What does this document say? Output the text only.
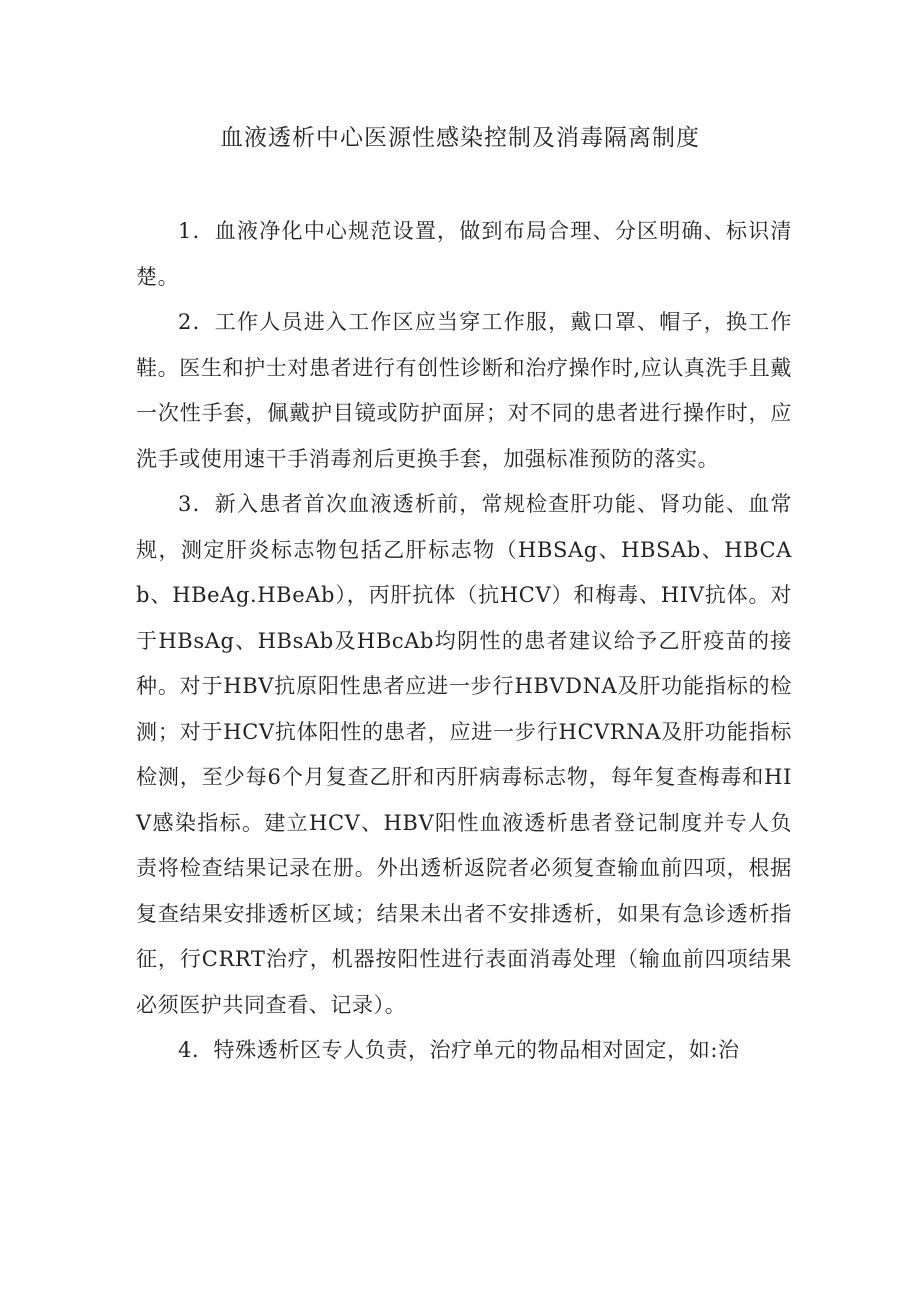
血液透析中心医源性感染控制及消毒隔离制度

1．血液净化中心规范设置，做到布局合理、分区明确、标识清楚。

2．工作人员进入工作区应当穿工作服，戴口罩、帽子，换工作鞋。医生和护士对患者进行有创性诊断和治疗操作时,应认真洗手且戴一次性手套，佩戴护目镜或防护面屏；对不同的患者进行操作时，应洗手或使用速干手消毒剂后更换手套，加强标准预防的落实。

3．新入患者首次血液透析前，常规检查肝功能、肾功能、血常规，测定肝炎标志物包括乙肝标志物（HBSAg、HBSAb、HBCAb、HBeAg.HBeAb），丙肝抗体（抗HCV）和梅毒、HIV抗体。对于HBsAg、HBsAb及HBcAb均阴性的患者建议给予乙肝疫苗的接种。对于HBV抗原阳性患者应进一步行HBVDNA及肝功能指标的检测；对于HCV抗体阳性的患者，应进一步行HCVRNA及肝功能指标检测，至少每6个月复查乙肝和丙肝病毒标志物，每年复查梅毒和HIV感染指标。建立HCV、HBV阳性血液透析患者登记制度并专人负责将检查结果记录在册。外出透析返院者必须复查输血前四项，根据复查结果安排透析区域；结果未出者不安排透析，如果有急诊透析指征，行CRRT治疗，机器按阳性进行表面消毒处理（输血前四项结果必须医护共同查看、记录）。

4．特殊透析区专人负责，治疗单元的物品相对固定，如:治
